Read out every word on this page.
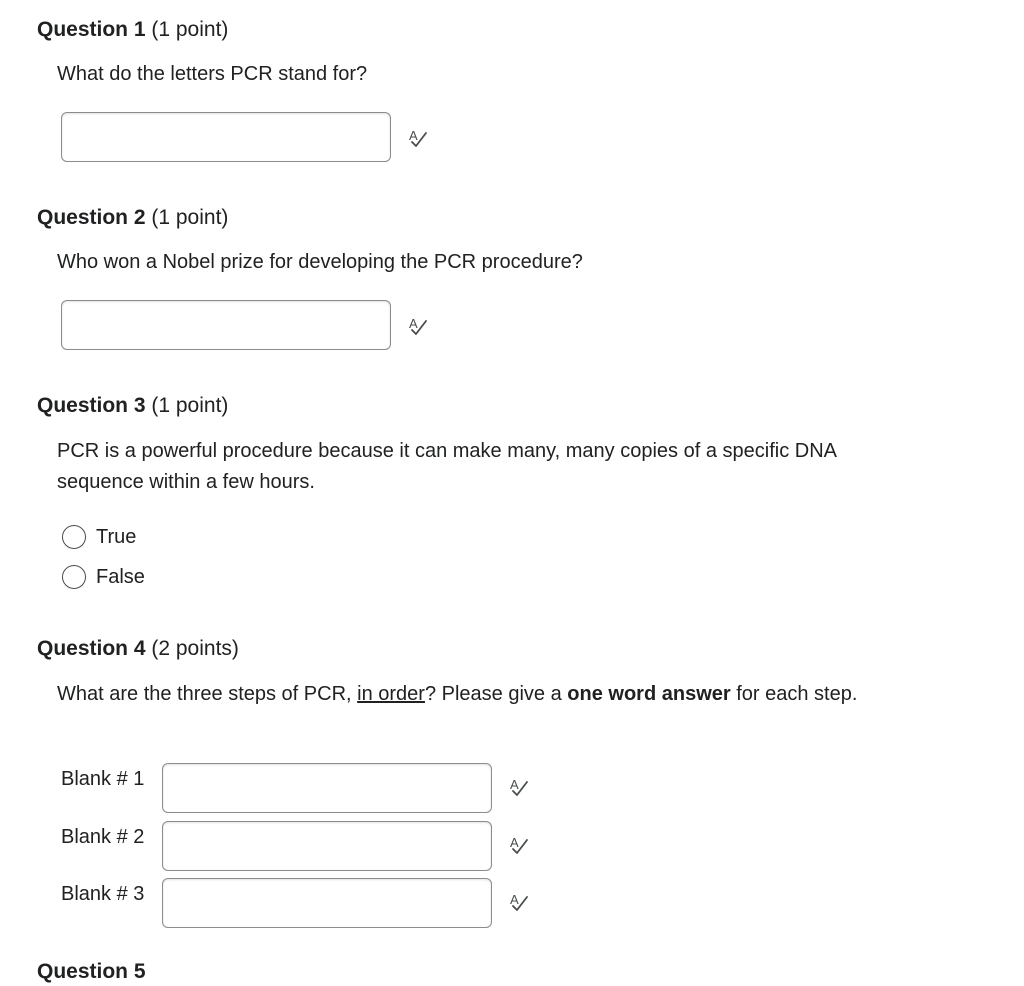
Question 1 (1 point)
What do the letters PCR stand for?
A
Question 2 (1 point)
Who won a Nobel prize for developing the PCR procedure?
A
Question 3 (1 point)
PCR is a powerful procedure because it can make many, many copies of a specific DNA sequence within a few hours.
True
False
Question 4 (2 points)
What are the three steps of PCR, in order? Please give a one word answer for each step.
Blank # 1	A
Blank # 2	A
Blank # 3	A
Question 5
